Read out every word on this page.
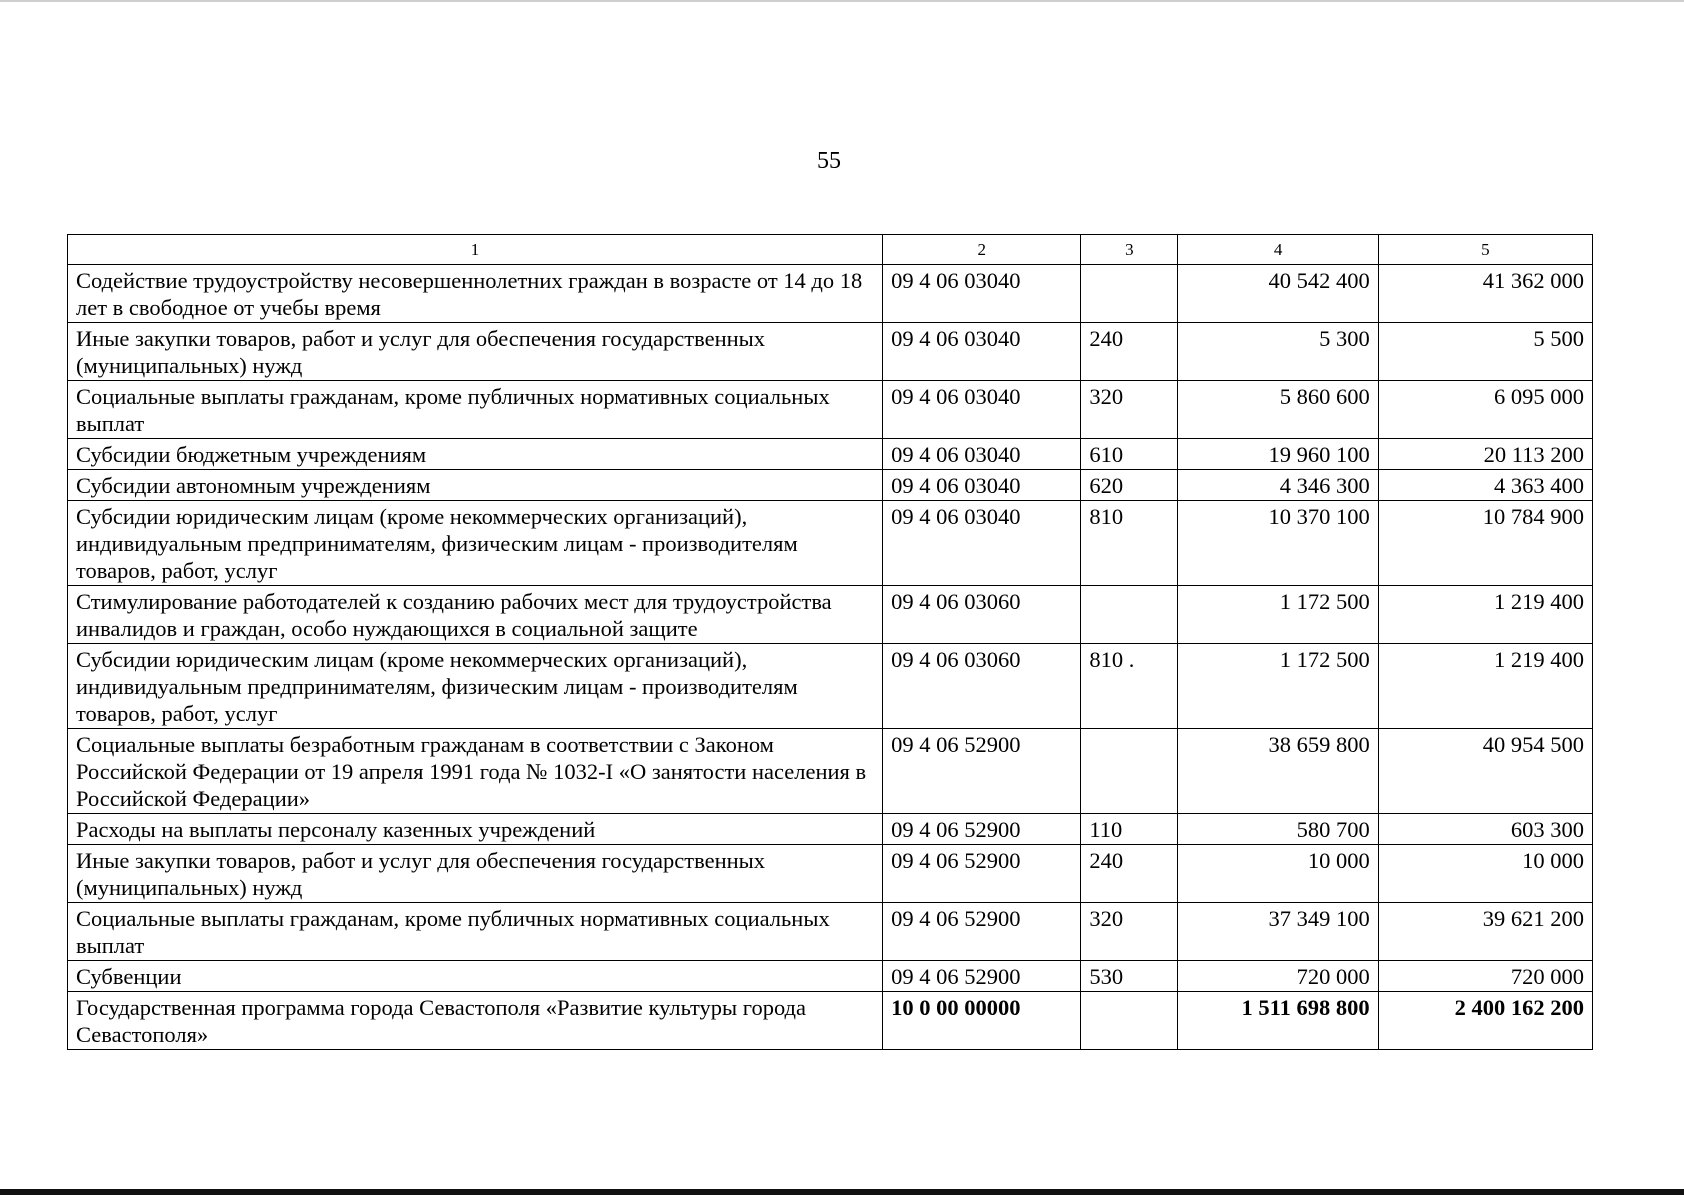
55
1	2	3	4	5
Содействие трудоустройству несовершеннолетних граждан в возрасте от 14 до 18 лет в свободное от учебы время	09 4 06 03040		40 542 400	41 362 000
Иные закупки товаров, работ и услуг для обеспечения государственных (муниципальных) нужд	09 4 06 03040	240	5 300	5 500
Социальные выплаты гражданам, кроме публичных нормативных социальных выплат	09 4 06 03040	320	5 860 600	6 095 000
Субсидии бюджетным учреждениям	09 4 06 03040	610	19 960 100	20 113 200
Субсидии автономным учреждениям	09 4 06 03040	620	4 346 300	4 363 400
Субсидии юридическим лицам (кроме некоммерческих организаций), индивидуальным предпринимателям, физическим лицам - производителям товаров, работ, услуг	09 4 06 03040	810	10 370 100	10 784 900
Стимулирование работодателей к созданию рабочих мест для трудоустройства инвалидов и граждан, особо нуждающихся в социальной защите	09 4 06 03060		1 172 500	1 219 400
Субсидии юридическим лицам (кроме некоммерческих организаций), индивидуальным предпринимателям, физическим лицам - производителям товаров, работ, услуг	09 4 06 03060	810 .	1 172 500	1 219 400
Социальные выплаты безработным гражданам в соответствии с Законом Российской Федерации от 19 апреля 1991 года № 1032-I «О занятости населения в Российской Федерации»	09 4 06 52900		38 659 800	40 954 500
Расходы на выплаты персоналу казенных учреждений	09 4 06 52900	110	580 700	603 300
Иные закупки товаров, работ и услуг для обеспечения государственных (муниципальных) нужд	09 4 06 52900	240	10 000	10 000
Социальные выплаты гражданам, кроме публичных нормативных социальных выплат	09 4 06 52900	320	37 349 100	39 621 200
Субвенции	09 4 06 52900	530	720 000	720 000
Государственная программа города Севастополя «Развитие культуры города Севастополя»	10 0 00 00000		1 511 698 800	2 400 162 200
